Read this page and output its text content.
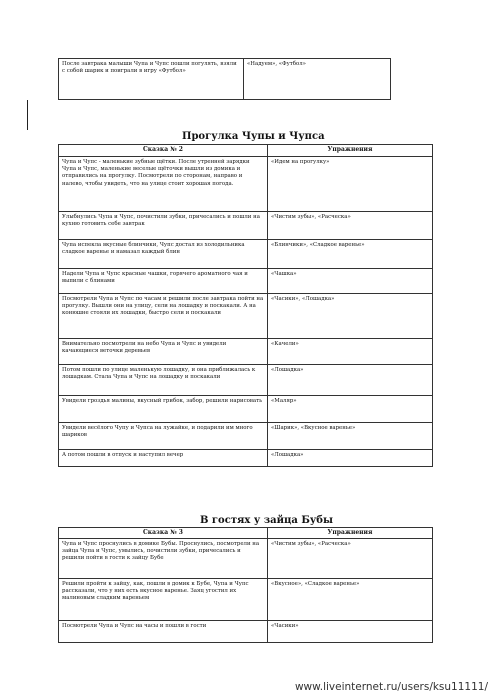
После завтрака малыши Чупа и Чупс пошли погулять, взяли с собой шарик и поиграли в игру «Футбол»	«Надуем», «Футбол»
Прогулка Чупы и Чупса
Сказка № 2	Упражнения
Чупа и Чупс - маленькие зубные щётки. После утренней зарядки Чупа и Чупс, маленькие веселые щёточки вышли из домика и отправились на прогулку. Посмотрели по сторонам, направо и налево, чтобы увидеть, что на улице стоит хорошая погода.	«Идем на прогулку»
Улыбнулись Чупа и Чупс, почистили зубки, причесались и пошли на кухню готовить себе завтрак	«Чистим зубы», «Расческа»
Чупа испекла вкусные блинчики, Чупс достал из холодильника сладкое варенье и намазал каждый блин	«Блинчики», «Сладкое варенье»
Надели Чупа и Чупс красные чашки, горячего ароматного чая и выпили с блинами	«Чашка»
Посмотрели Чупа и Чупс по часам и решили после завтрака пойти на прогулку. Вышли они на улицу, сели на лошадку и поскакали. А на конюшне стояли их лошадки, быстро сели и поскакали	«Часики», «Лошадка»
Внимательно посмотрели на небо Чупа и Чупс и увидели качающиеся веточки деревьев	«Качели»
Потом пошли по улице маленькую лошадку, и она приближалась к лошадкам. Стала Чупа и Чупс на лошадку и поскакали	«Лошадка»
Увидели гроздья малины, вкусный грибок, забор, решили нарисовать	«Маляр»
Увидели весёлого Чупу и Чупса на лужайке, и подарили им много шариков	«Шарик», «Вкусное варенье»
А потом пошли в отпуск и наступил вечер	«Лошадка»
В гостях у зайца Бубы
Сказка № 3	Упражнения
Чупа и Чупс проснулись в домике Бубы. Проснулись, посмотрели на зайца Чупа и Чупс, умылись, почистили зубки, причесались и решили пойти в гости к зайцу Бубе	«Чистим зубы», «Расческа»
Решили пройти к зайцу, как, пошли в домик к Бубе, Чупа и Чупс рассказали, что у них есть вкусное варенье. Заяц угостил их малиновым сладким вареньем	«Вкусное», «Сладкое варенье»
Посмотрели Чупа и Чупс на часы и пошли в гости	«Часики»
www.liveinternet.ru/users/ksu11111/
